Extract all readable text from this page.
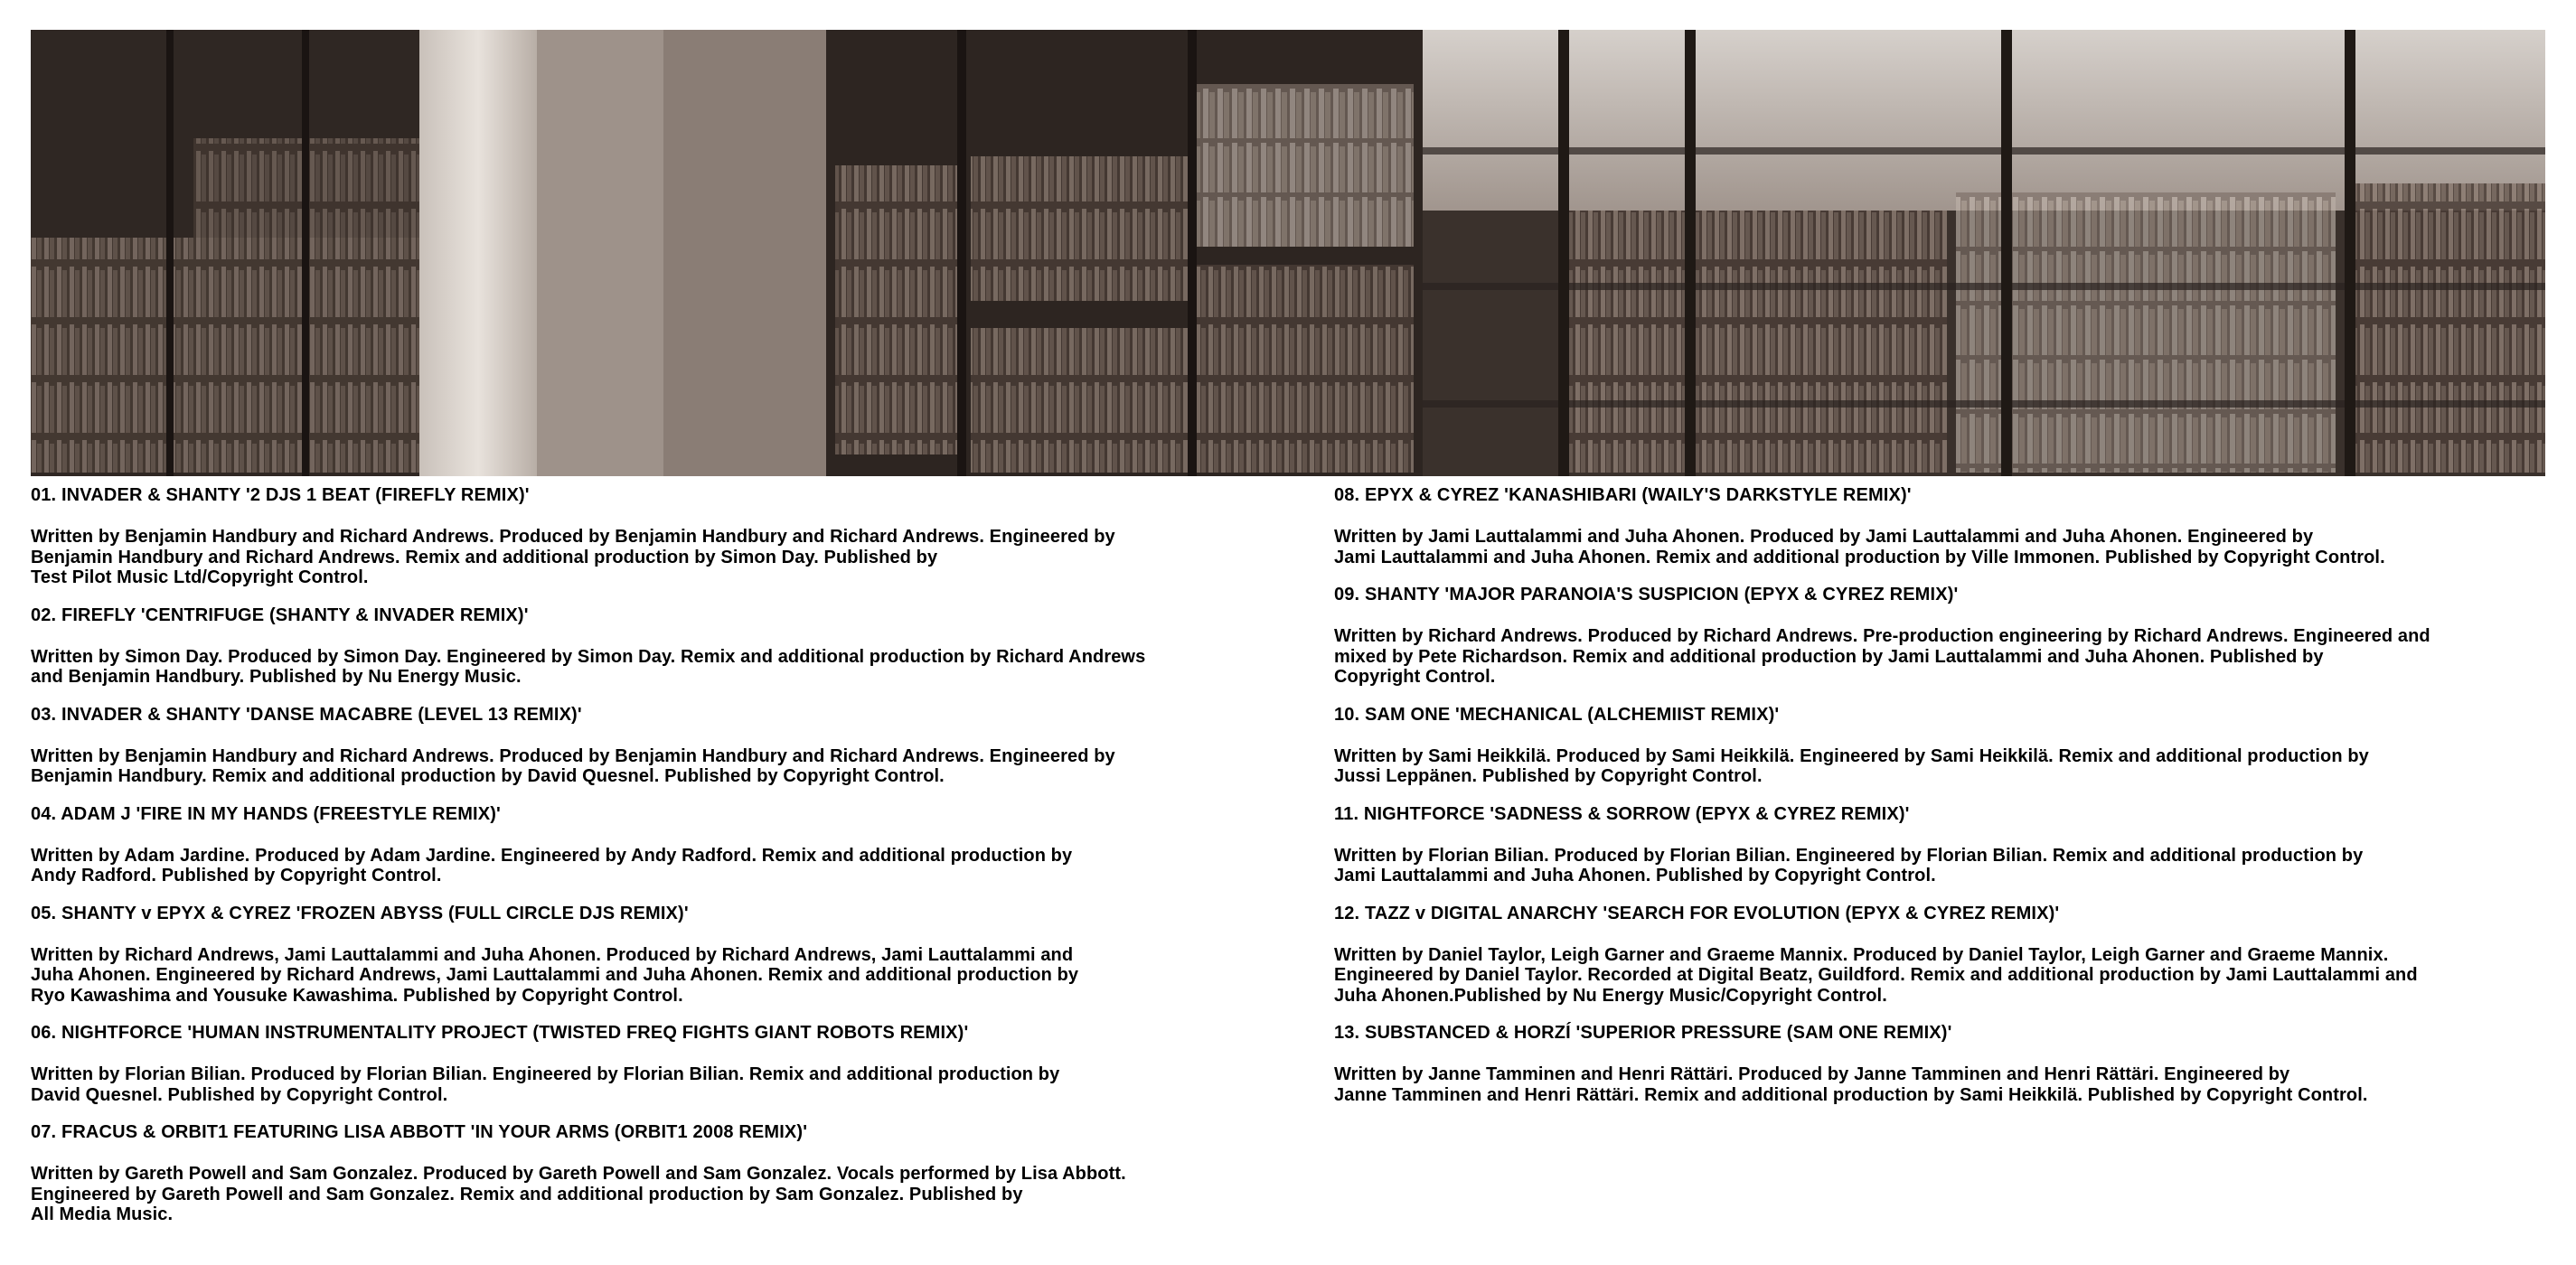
01. INVADER & SHANTY '2 DJS 1 BEAT (FIREFLY REMIX)'

Written by Benjamin Handbury and Richard Andrews. Produced by Benjamin Handbury and Richard Andrews. Engineered by
Benjamin Handbury and Richard Andrews. Remix and additional production by Simon Day. Published by
Test Pilot Music Ltd/Copyright Control.

02. FIREFLY 'CENTRIFUGE (SHANTY & INVADER REMIX)'

Written by Simon Day. Produced by Simon Day. Engineered by Simon Day. Remix and additional production by Richard Andrews
and Benjamin Handbury. Published by Nu Energy Music.

03. INVADER & SHANTY 'DANSE MACABRE (LEVEL 13 REMIX)'

Written by Benjamin Handbury and Richard Andrews. Produced by Benjamin Handbury and Richard Andrews. Engineered by
Benjamin Handbury. Remix and additional production by David Quesnel. Published by Copyright Control.

04. ADAM J 'FIRE IN MY HANDS (FREESTYLE REMIX)'

Written by Adam Jardine. Produced by Adam Jardine. Engineered by Andy Radford. Remix and additional production by
Andy Radford. Published by Copyright Control.

05. SHANTY v EPYX & CYREZ 'FROZEN ABYSS (FULL CIRCLE DJS REMIX)'

Written by Richard Andrews, Jami Lauttalammi and Juha Ahonen. Produced by Richard Andrews, Jami Lauttalammi and
Juha Ahonen. Engineered by Richard Andrews, Jami Lauttalammi and Juha Ahonen. Remix and additional production by
Ryo Kawashima and Yousuke Kawashima. Published by Copyright Control.

06. NIGHTFORCE 'HUMAN INSTRUMENTALITY PROJECT (TWISTED FREQ FIGHTS GIANT ROBOTS REMIX)'

Written by Florian Bilian. Produced by Florian Bilian. Engineered by Florian Bilian. Remix and additional production by
David Quesnel. Published by Copyright Control.

07. FRACUS & ORBIT1 FEATURING LISA ABBOTT 'IN YOUR ARMS (ORBIT1 2008 REMIX)'

Written by Gareth Powell and Sam Gonzalez. Produced by Gareth Powell and Sam Gonzalez. Vocals performed by Lisa Abbott.
Engineered by Gareth Powell and Sam Gonzalez. Remix and additional production by Sam Gonzalez. Published by
All Media Music.

08. EPYX & CYREZ 'KANASHIBARI (WAILY'S DARKSTYLE REMIX)'

Written by Jami Lauttalammi and Juha Ahonen. Produced by Jami Lauttalammi and Juha Ahonen. Engineered by
Jami Lauttalammi and Juha Ahonen. Remix and additional production by Ville Immonen. Published by Copyright Control.

09. SHANTY 'MAJOR PARANOIA'S SUSPICION (EPYX & CYREZ REMIX)'

Written by Richard Andrews. Produced by Richard Andrews. Pre-production engineering by Richard Andrews. Engineered and
mixed by Pete Richardson. Remix and additional production by Jami Lauttalammi and Juha Ahonen. Published by
Copyright Control.

10. SAM ONE 'MECHANICAL (ALCHEMIIST REMIX)'

Written by Sami Heikkilä. Produced by Sami Heikkilä. Engineered by Sami Heikkilä. Remix and additional production by
Jussi Leppänen. Published by Copyright Control.

11. NIGHTFORCE 'SADNESS & SORROW (EPYX & CYREZ REMIX)'

Written by Florian Bilian. Produced by Florian Bilian. Engineered by Florian Bilian. Remix and additional production by
Jami Lauttalammi and Juha Ahonen. Published by Copyright Control.

12. TAZZ v DIGITAL ANARCHY 'SEARCH FOR EVOLUTION (EPYX & CYREZ REMIX)'

Written by Daniel Taylor, Leigh Garner and Graeme Mannix. Produced by Daniel Taylor, Leigh Garner and Graeme Mannix.
Engineered by Daniel Taylor. Recorded at Digital Beatz, Guildford. Remix and additional production by Jami Lauttalammi and
Juha Ahonen.Published by Nu Energy Music/Copyright Control.

13. SUBSTANCED & HORZÍ 'SUPERIOR PRESSURE (SAM ONE REMIX)'

Written by Janne Tamminen and Henri Rättäri. Produced by Janne Tamminen and Henri Rättäri. Engineered by
Janne Tamminen and Henri Rättäri. Remix and additional production by Sami Heikkilä. Published by Copyright Control.
